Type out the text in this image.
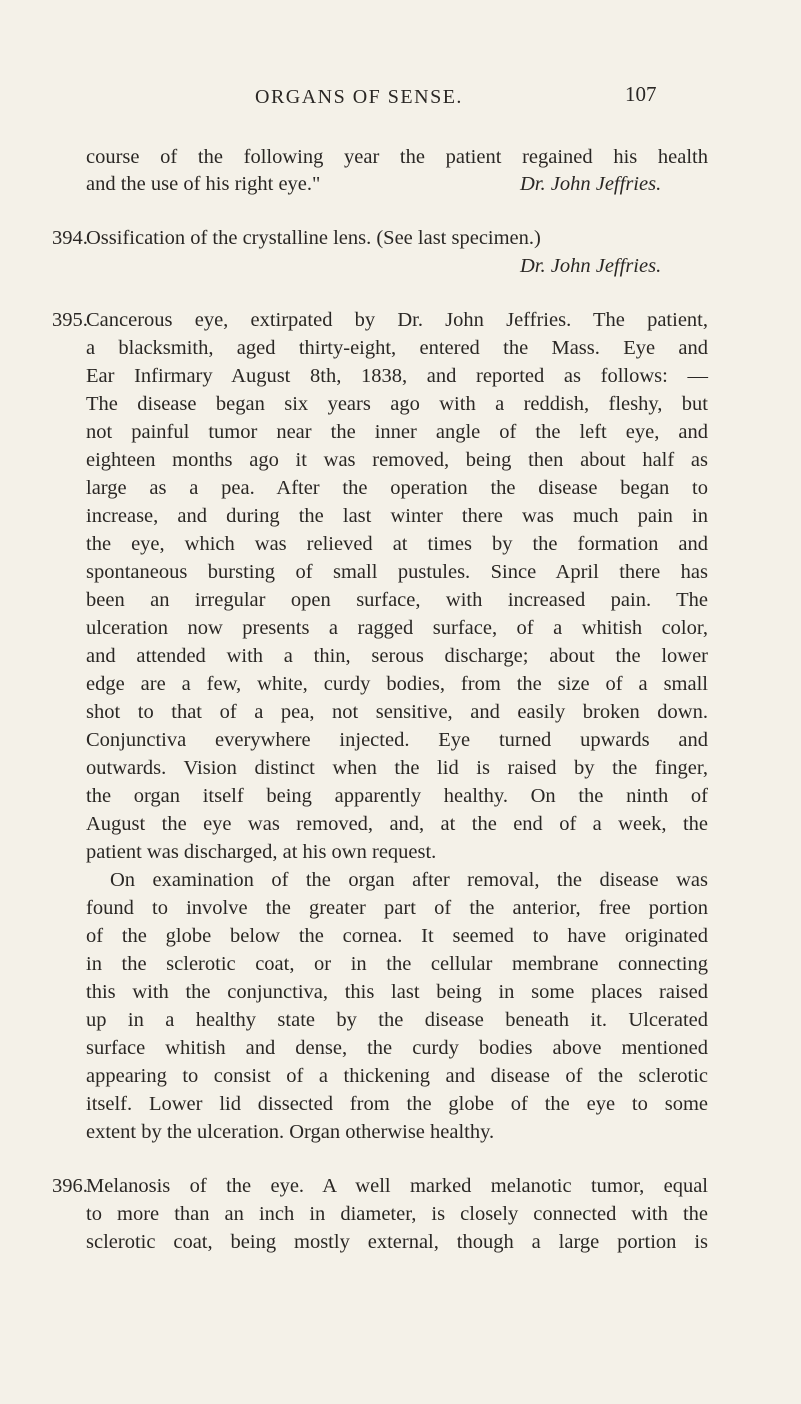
ORGANS OF SENSE.	107
course of the following year the patient regained his health
and the use of his right eye."	Dr. John Jeffries.
394.
Ossification of the crystalline lens. (See last specimen.)
Dr. John Jeffries.
395.
Cancerous eye, extirpated by Dr. John Jeffries. The patient,
a blacksmith, aged thirty-eight, entered the Mass. Eye and
Ear Infirmary August 8th, 1838, and reported as follows: —
The disease began six years ago with a reddish, fleshy, but
not painful tumor near the inner angle of the left eye, and
eighteen months ago it was removed, being then about half as
large as a pea. After the operation the disease began to
increase, and during the last winter there was much pain in
the eye, which was relieved at times by the formation and
spontaneous bursting of small pustules. Since April there has
been an irregular open surface, with increased pain. The
ulceration now presents a ragged surface, of a whitish color,
and attended with a thin, serous discharge; about the lower
edge are a few, white, curdy bodies, from the size of a small
shot to that of a pea, not sensitive, and easily broken down.
Conjunctiva everywhere injected. Eye turned upwards and
outwards. Vision distinct when the lid is raised by the finger,
the organ itself being apparently healthy. On the ninth of
August the eye was removed, and, at the end of a week, the
patient was discharged, at his own request.
On examination of the organ after removal, the disease was
found to involve the greater part of the anterior, free portion
of the globe below the cornea. It seemed to have originated
in the sclerotic coat, or in the cellular membrane connecting
this with the conjunctiva, this last being in some places raised
up in a healthy state by the disease beneath it. Ulcerated
surface whitish and dense, the curdy bodies above mentioned
appearing to consist of a thickening and disease of the sclerotic
itself. Lower lid dissected from the globe of the eye to some
extent by the ulceration. Organ otherwise healthy.
396.
Melanosis of the eye. A well marked melanotic tumor, equal
to more than an inch in diameter, is closely connected with the
sclerotic coat, being mostly external, though a large portion is
